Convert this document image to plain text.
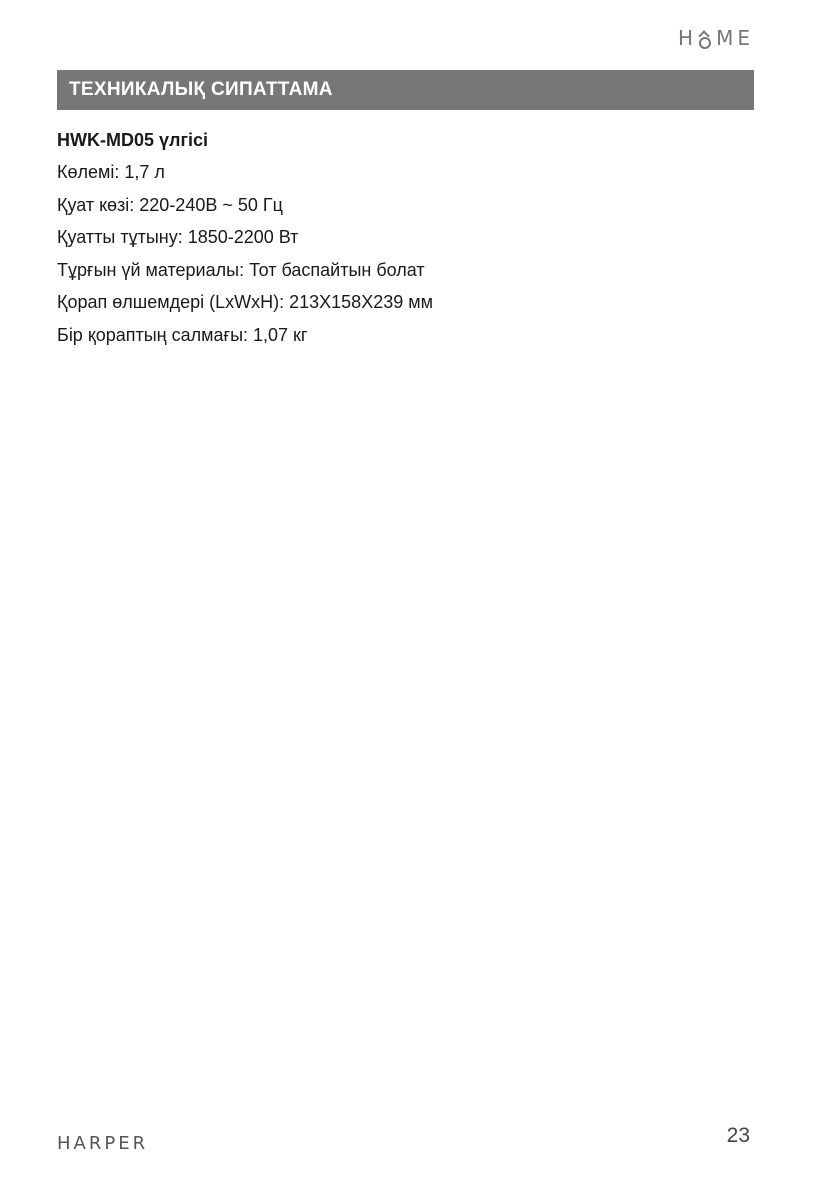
H ME
ТЕХНИКАЛЫҚ СИПАТТАМА
HWK-MD05 үлгісі
Көлемі: 1,7 л
Қуат көзі: 220-240В ~ 50 Гц
Қуатты тұтыну: 1850-2200 Вт
Тұрғын үй материалы: Тот баспайтын болат
Қорап өлшемдері (LxWxH): 213X158X239 мм
Бір қораптың салмағы: 1,07 кг
HARPER	23
